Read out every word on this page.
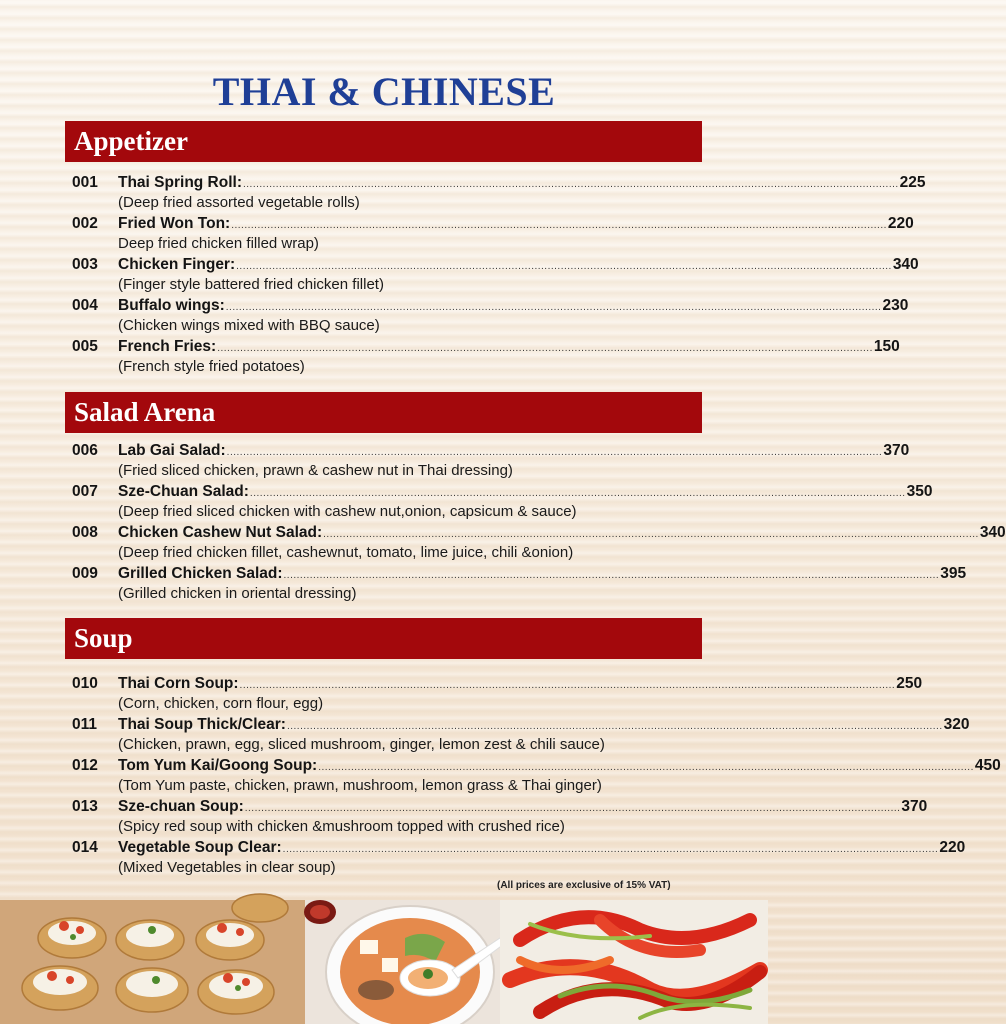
THAI & CHINESE
Appetizer
Salad Arena
Soup
001	Thai Spring Roll: ........................................................................................................................................................................................................ 225
(Deep fried assorted vegetable rolls)
002	Fried Won Ton: ........................................................................................................................................................................................................ 220
Deep fried chicken filled wrap)
003	Chicken Finger: ........................................................................................................................................................................................................ 340
(Finger style battered fried chicken fillet)
004	Buffalo wings: ........................................................................................................................................................................................................ 230
(Chicken wings mixed with BBQ sauce)
005	French Fries: ........................................................................................................................................................................................................ 150
(French style fried potatoes)
006	Lab Gai Salad: ........................................................................................................................................................................................................ 370
(Fried sliced chicken, prawn & cashew nut in Thai dressing)
007	Sze-Chuan Salad: ........................................................................................................................................................................................................ 350
(Deep fried sliced chicken with cashew nut,onion, capsicum & sauce)
008	Chicken Cashew Nut Salad: ........................................................................................................................................................................................................ 340
(Deep fried chicken fillet, cashewnut, tomato, lime juice, chili &onion)
009	Grilled Chicken Salad: ........................................................................................................................................................................................................ 395
(Grilled chicken in oriental dressing)
010	Thai Corn Soup: ........................................................................................................................................................................................................ 250
(Corn, chicken, corn flour, egg)
011	Thai Soup Thick/Clear: ........................................................................................................................................................................................................ 320
(Chicken, prawn, egg, sliced mushroom, ginger, lemon zest & chili sauce)
012	Tom Yum Kai/Goong Soup: ........................................................................................................................................................................................................ 450
(Tom Yum paste, chicken, prawn, mushroom, lemon grass & Thai ginger)
013	Sze-chuan Soup: ........................................................................................................................................................................................................ 370
(Spicy red soup with chicken &mushroom topped with crushed rice)
014	Vegetable Soup Clear: ........................................................................................................................................................................................................ 220
(Mixed Vegetables in clear soup)
(All prices are exclusive of 15% VAT)
